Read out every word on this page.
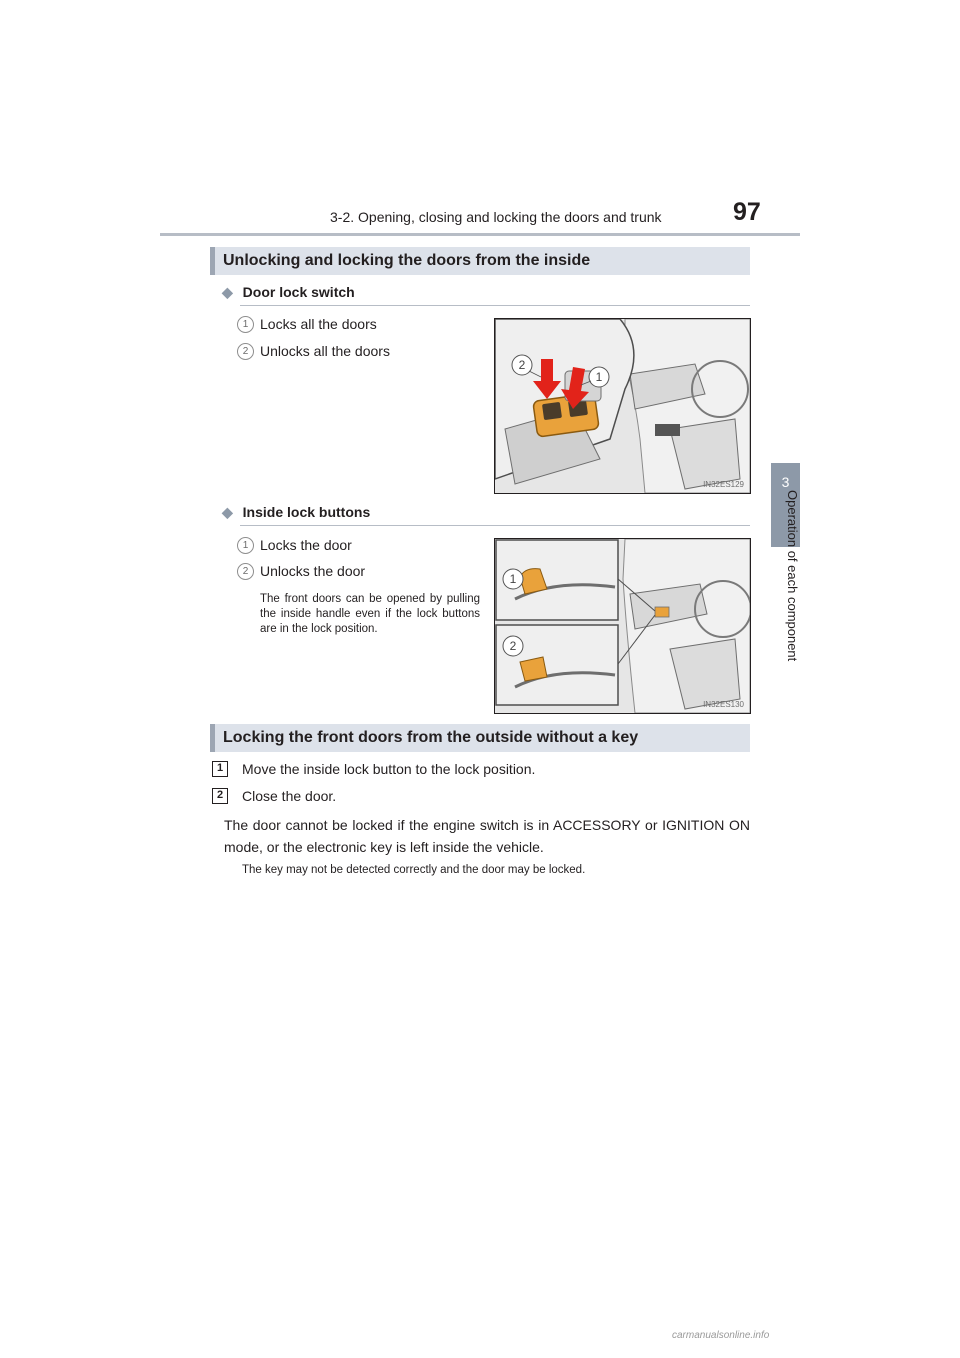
3-2. Opening, closing and locking the doors and trunk	97
3
Operation of each component
Unlocking and locking the doors from the inside
◆ Door lock switch
1 Locks all the doors
2 Unlocks all the doors
2
1
IN32ES129
◆ Inside lock buttons
1 Locks the door
2 Unlocks the door
The front doors can be opened by pulling the inside handle even if the lock buttons are in the lock position.
1
2
IN32ES130
Locking the front doors from the outside without a key
1	Move the inside lock button to the lock position.
2	Close the door.
The door cannot be locked if the engine switch is in ACCESSORY or IGNITION ON mode, or the electronic key is left inside the vehicle.
The key may not be detected correctly and the door may be locked.
carmanualsonline.info
